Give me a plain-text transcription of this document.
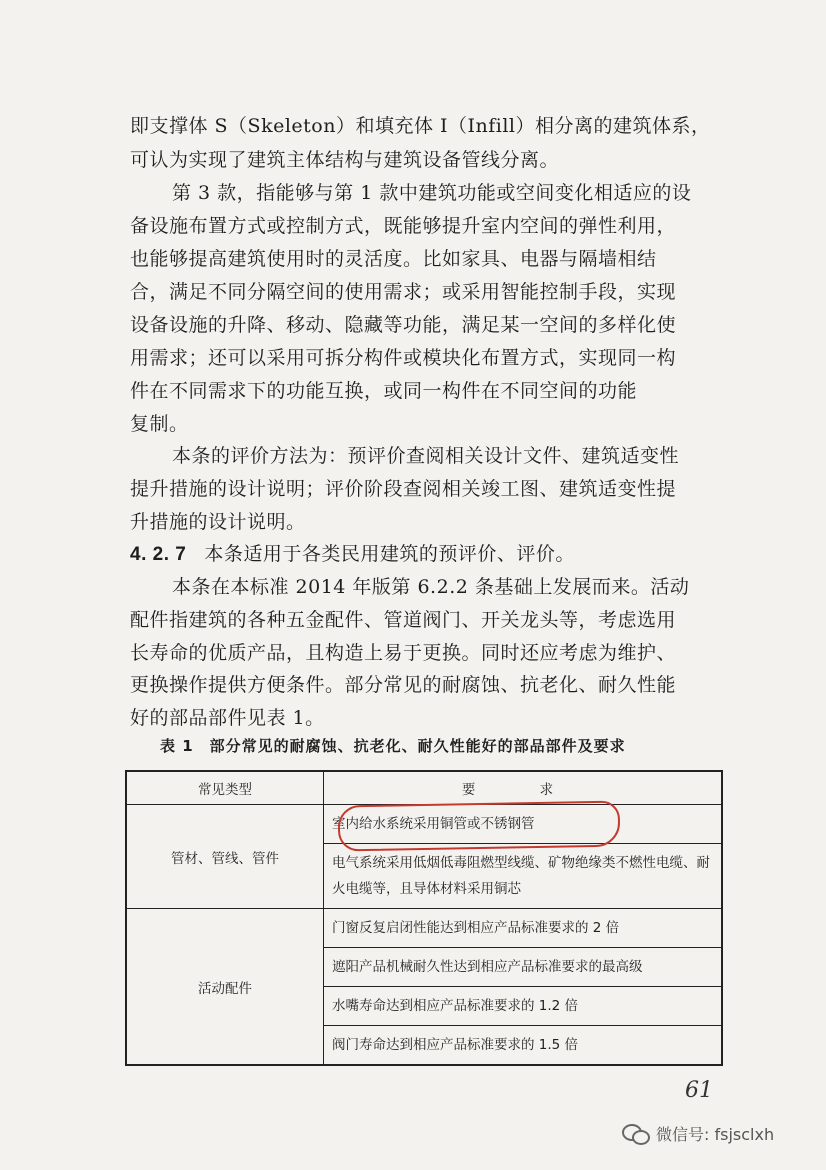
即支撑体 S（Skeleton）和填充体 I（Infill）相分离的建筑体系，
可认为实现了建筑主体结构与建筑设备管线分离。
第 3 款，指能够与第 1 款中建筑功能或空间变化相适应的设
备设施布置方式或控制方式，既能够提升室内空间的弹性利用，
也能够提高建筑使用时的灵活度。比如家具、电器与隔墙相结
合，满足不同分隔空间的使用需求；或采用智能控制手段，实现
设备设施的升降、移动、隐藏等功能，满足某一空间的多样化使
用需求；还可以采用可拆分构件或模块化布置方式，实现同一构
件在不同需求下的功能互换，或同一构件在不同空间的功能
复制。
本条的评价方法为：预评价查阅相关设计文件、建筑适变性
提升措施的设计说明；评价阶段查阅相关竣工图、建筑适变性提
升措施的设计说明。
4. 2. 7 本条适用于各类民用建筑的预评价、评价。
本条在本标准 2014 年版第 6.2.2 条基础上发展而来。活动
配件指建筑的各种五金配件、管道阀门、开关龙头等，考虑选用
长寿命的优质产品，且构造上易于更换。同时还应考虑为维护、
更换操作提供方便条件。部分常见的耐腐蚀、抗老化、耐久性能
好的部品部件见表 1。
表 1　部分常见的耐腐蚀、抗老化、耐久性能好的部品部件及要求
常见类型	要 求
管材、管线、管件	室内给水系统采用铜管或不锈钢管
	电气系统采用低烟低毒阻燃型线缆、矿物绝缘类不燃性电缆、耐火电缆等，且导体材料采用铜芯
活动配件	门窗反复启闭性能达到相应产品标准要求的 2 倍
	遮阳产品机械耐久性达到相应产品标准要求的最高级
	水嘴寿命达到相应产品标准要求的 1.2 倍
	阀门寿命达到相应产品标准要求的 1.5 倍
61
微信号: fsjsclxh
